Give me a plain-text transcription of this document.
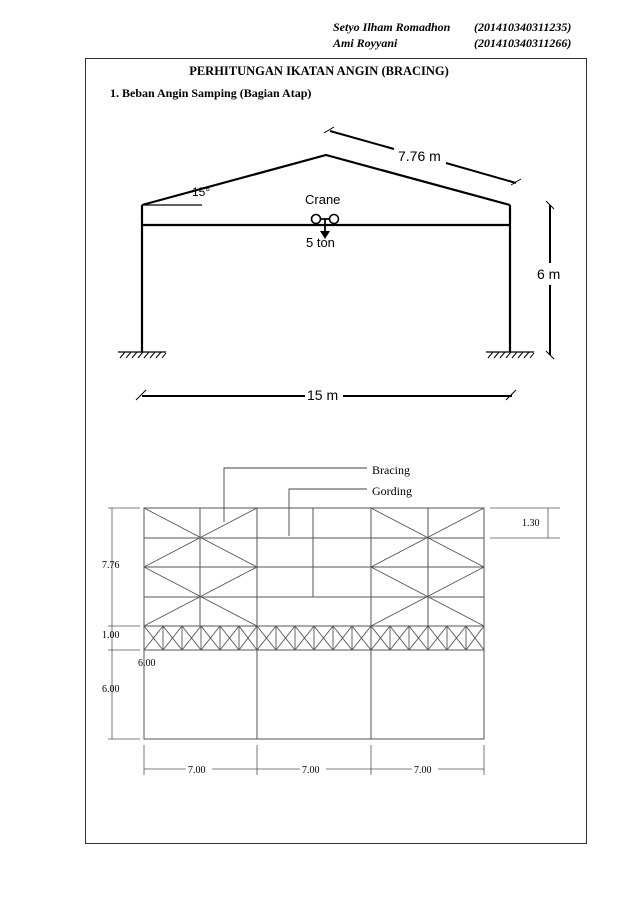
Setyo Ilham Romadhon (201410340311235)
Ami Royyani	(201410340311266)
PERHITUNGAN IKATAN ANGIN (BRACING)
1. Beban Angin Samping (Bagian Atap)
15°
7.76 m
Crane
5 ton
6 m
15 m
Bracing
Gording
1.30
7.76
1.00
6.00
6.00
7.00	7.00	7.00
